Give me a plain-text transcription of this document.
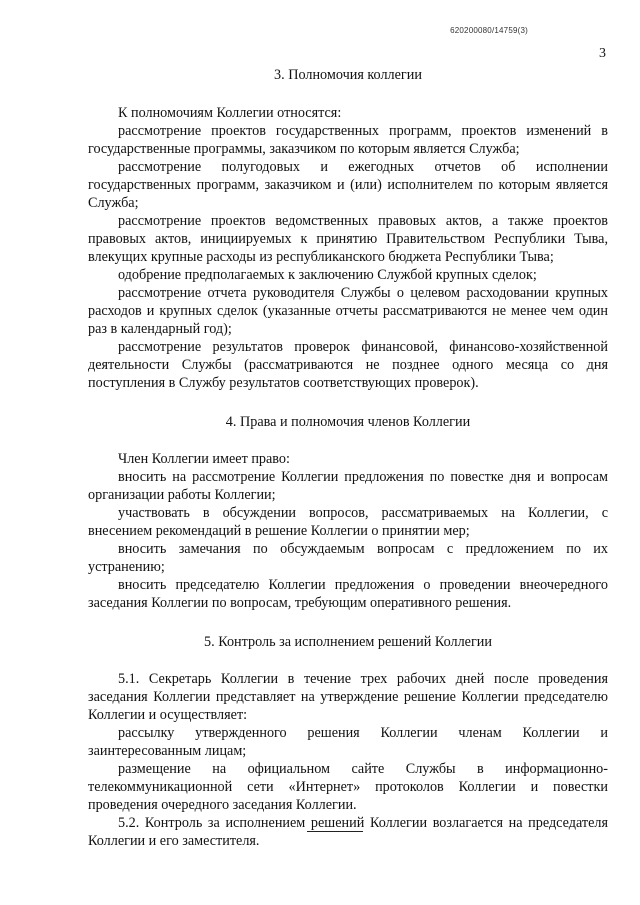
620200080/14759(3)
3
3. Полномочия коллегии

К полномочиям Коллегии относятся:

рассмотрение проектов государственных программ, проектов изменений в государственные программы, заказчиком по которым является Служба;

рассмотрение полугодовых и ежегодных отчетов об исполнении государственных программ, заказчиком и (или) исполнителем по которым является Служба;

рассмотрение проектов ведомственных правовых актов, а также проектов правовых актов, инициируемых к принятию Правительством Республики Тыва, влекущих крупные расходы из республиканского бюджета Республики Тыва;

одобрение предполагаемых к заключению Службой крупных сделок;

рассмотрение отчета руководителя Службы о целевом расходовании крупных расходов и крупных сделок (указанные отчеты рассматриваются не менее чем один раз в календарный год);

рассмотрение результатов проверок финансовой, финансово-хозяйственной деятельности Службы (рассматриваются не позднее одного месяца со дня поступления в Службу результатов соответствующих проверок).

4. Права и полномочия членов Коллегии

Член Коллегии имеет право:

вносить на рассмотрение Коллегии предложения по повестке дня и вопросам организации работы Коллегии;

участвовать в обсуждении вопросов, рассматриваемых на Коллегии, с внесением рекомендаций в решение Коллегии о принятии мер;

вносить замечания по обсуждаемым вопросам с предложением по их устранению;

вносить председателю Коллегии предложения о проведении внеочередного заседания Коллегии по вопросам, требующим оперативного решения.

5. Контроль за исполнением решений Коллегии

5.1. Секретарь Коллегии в течение трех рабочих дней после проведения заседания Коллегии представляет на утверждение решение Коллегии председателю Коллегии и осуществляет:

рассылку утвержденного решения Коллегии членам Коллегии и заинтересованным лицам;

размещение на официальном сайте Службы в информационно-телекоммуникационной сети «Интернет» протоколов Коллегии и повестки проведения очередного заседания Коллегии.

5.2. Контроль за исполнением решений Коллегии возлагается на председателя Коллегии и его заместителя.
